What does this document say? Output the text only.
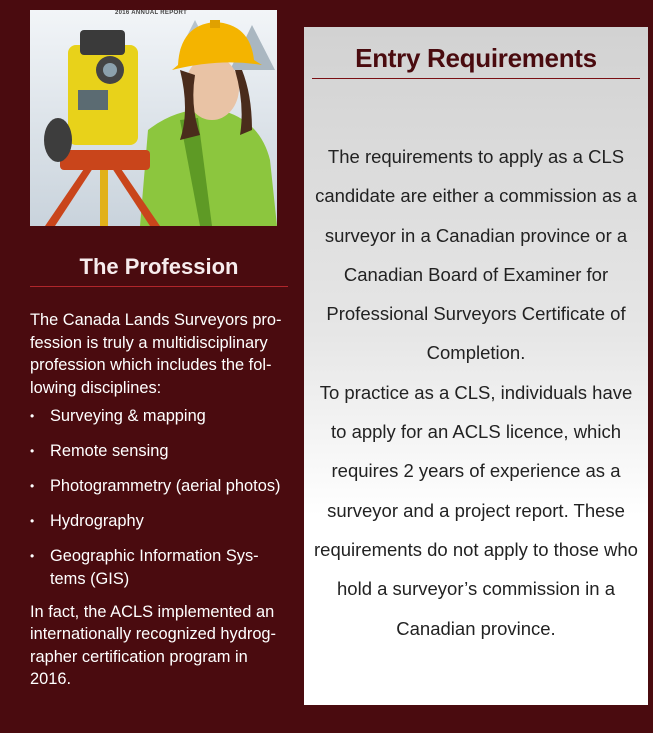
2016 ANNUAL REPORT
The Profession
The Canada Lands Surveyors pro-fession is truly a multidisciplinary profession which includes the fol-lowing disciplines:
• Surveying & mapping
• Remote sensing
• Photogrammetry (aerial photos)
• Hydrography
• Geographic Information Sys-tems (GIS)
In fact, the ACLS implemented an internationally recognized hydrog-rapher certification program in 2016.
Entry Requirements
The requirements to apply as a CLS candidate are either a commission as a surveyor in a Canadian province or a Canadian Board of Examiner for Professional Surveyors Certificate of Completion.
To practice as a CLS, individuals have to apply for an ACLS licence, which requires 2 years of experience as a surveyor and a project report. These requirements do not apply to those who hold a surveyor’s commission in a Canadian province.
